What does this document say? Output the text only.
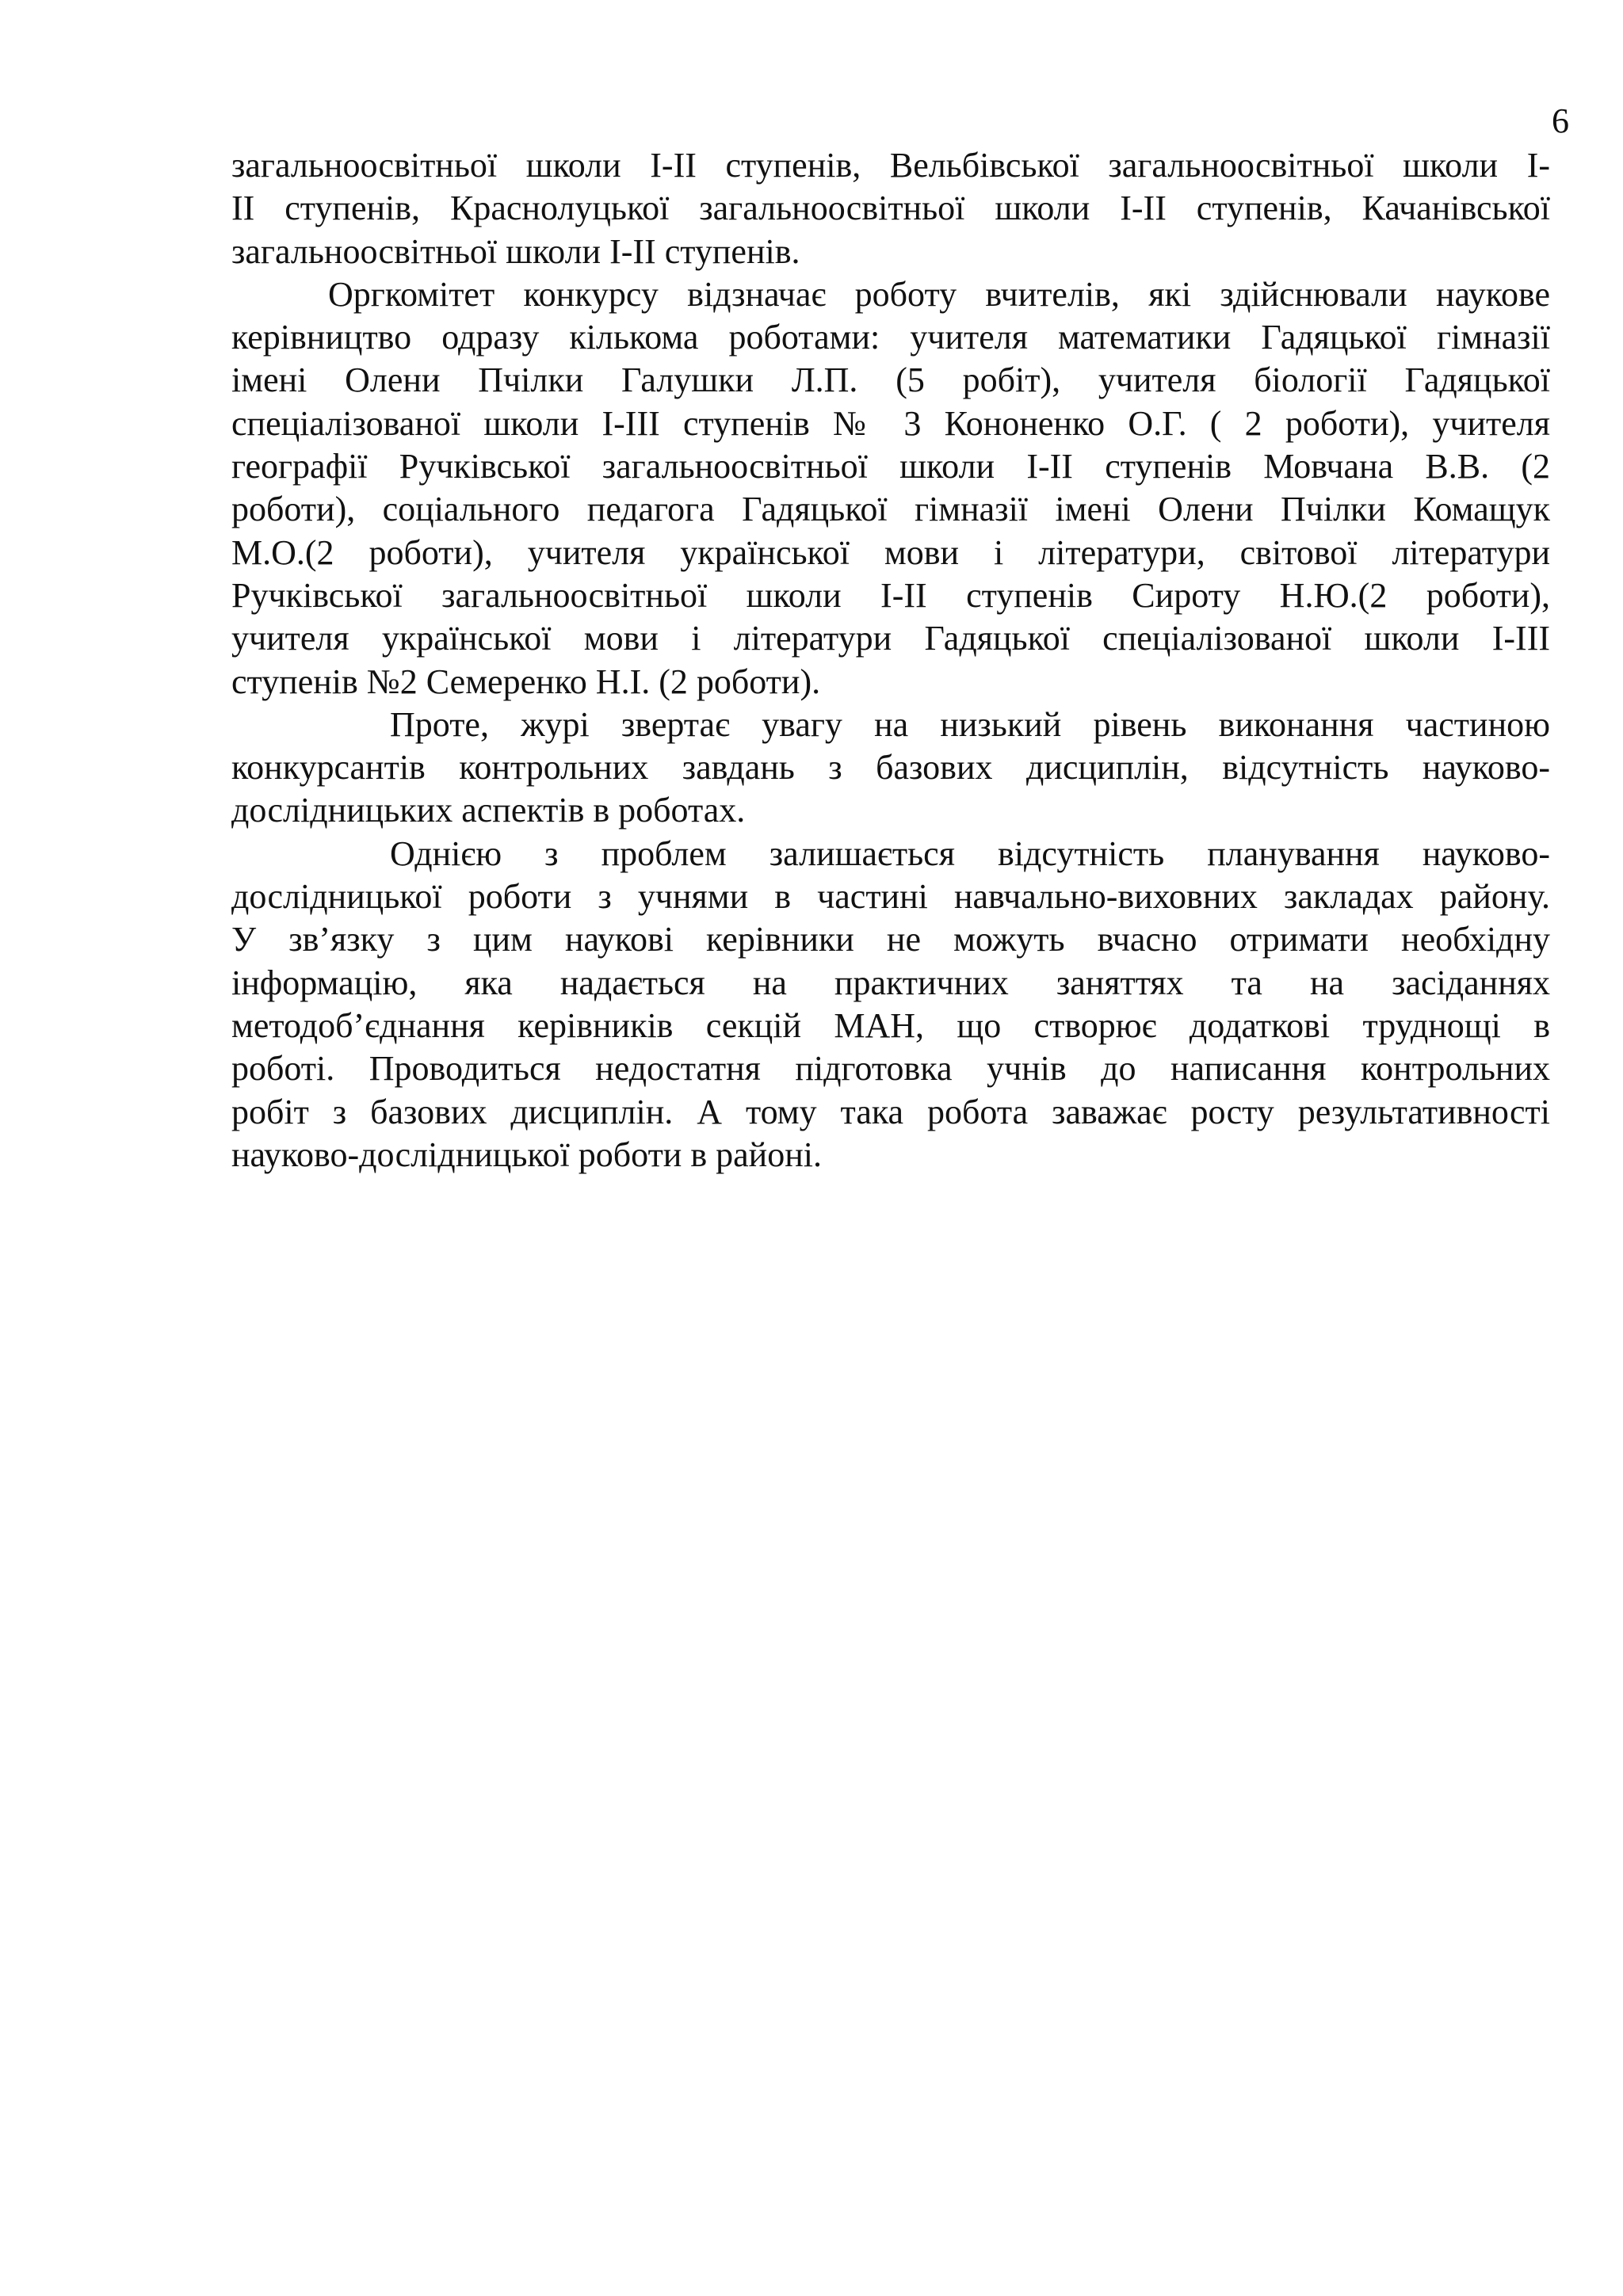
6
загальноосвітньої школи І-ІІ ступенів, Вельбівської загальноосвітньої школи І-
ІІ ступенів, Краснолуцької загальноосвітньої школи І-ІІ ступенів, Качанівської
загальноосвітньої школи І-ІІ ступенів.
Оргкомітет конкурсу відзначає роботу вчителів, які здійснювали наукове
керівництво одразу кількома роботами: учителя математики Гадяцької гімназії
імені Олени Пчілки Галушки Л.П. (5 робіт), учителя біології Гадяцької
спеціалізованої школи І-ІІІ ступенів № 3 Кононенко О.Г. ( 2 роботи), учителя
географії Ручківської загальноосвітньої школи І-ІІ ступенів Мовчана В.В. (2
роботи), соціального педагога Гадяцької гімназії імені Олени Пчілки Комащук
М.О.(2 роботи), учителя української мови і літератури, світової літератури
Ручківської загальноосвітньої школи І-ІІ ступенів Сироту Н.Ю.(2 роботи),
учителя української мови і літератури Гадяцької спеціалізованої школи І-ІІІ
ступенів №2 Семеренко Н.І. (2 роботи).
Проте, журі звертає увагу на низький рівень виконання частиною
конкурсантів контрольних завдань з базових дисциплін, відсутність науково-
дослідницьких аспектів в роботах.
Однією з проблем залишається відсутність планування науково-
дослідницької роботи з учнями в частині навчально-виховних закладах району.
У зв’язку з цим наукові керівники не можуть вчасно отримати необхідну
інформацію, яка надається на практичних заняттях та на засіданнях
методоб’єднання керівників секцій МАН, що створює додаткові труднощі в
роботі. Проводиться недостатня підготовка учнів до написання контрольних
робіт з базових дисциплін. А тому така робота заважає росту результативності
науково-дослідницької роботи в районі.
